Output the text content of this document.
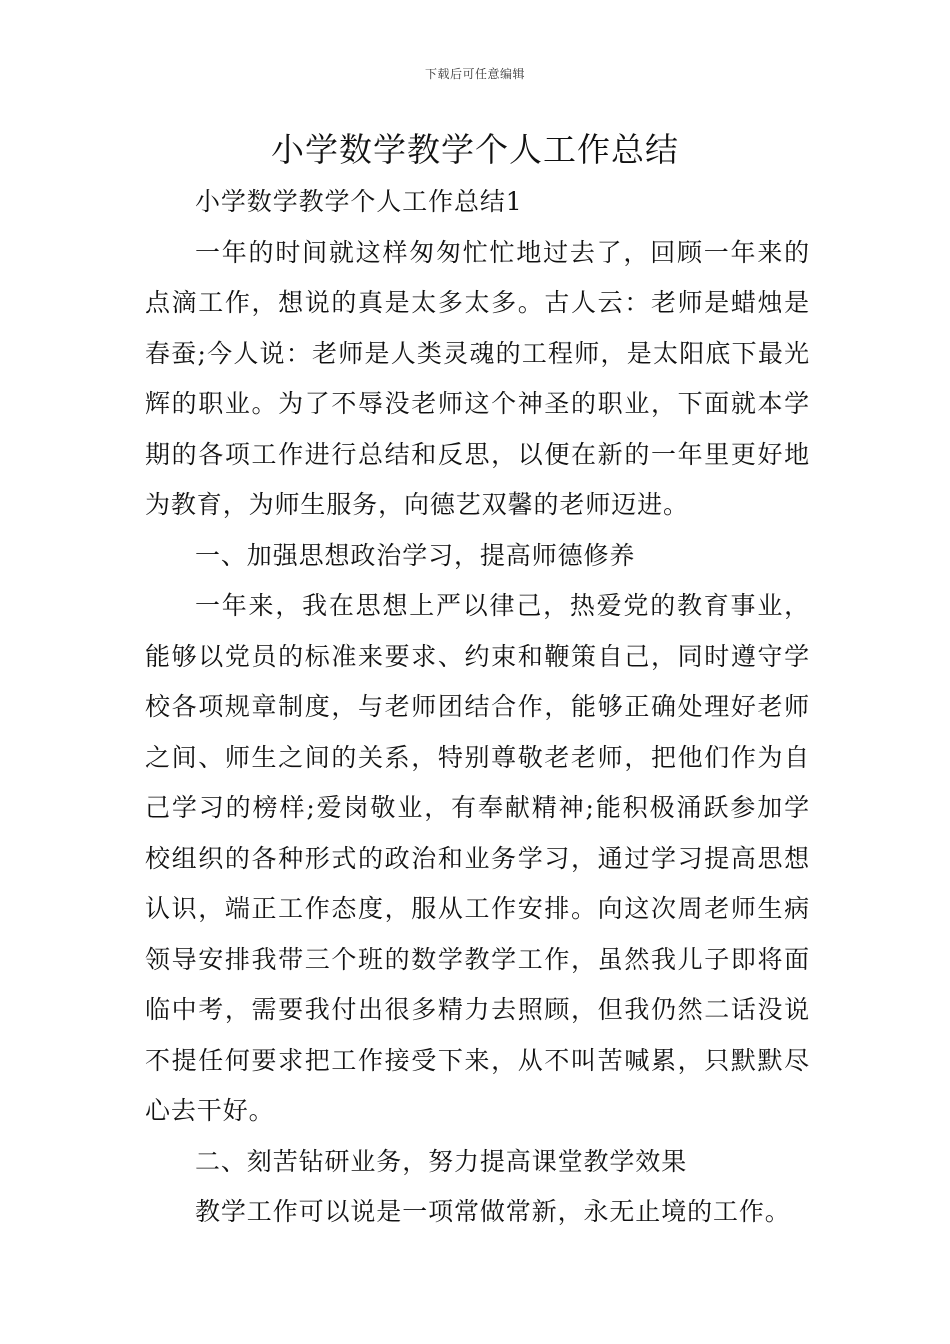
下载后可任意编辑
小学数学教学个人工作总结

小学数学教学个人工作总结1

一年的时间就这样匆匆忙忙地过去了，回顾一年来的点滴工作，想说的真是太多太多。古人云：老师是蜡烛是春蚕;今人说：老师是人类灵魂的工程师，是太阳底下最光辉的职业。为了不辱没老师这个神圣的职业，下面就本学期的各项工作进行总结和反思，以便在新的一年里更好地为教育，为师生服务，向德艺双馨的老师迈进。

一、加强思想政治学习，提高师德修养

一年来，我在思想上严以律己，热爱党的教育事业，能够以党员的标准来要求、约束和鞭策自己，同时遵守学校各项规章制度，与老师团结合作，能够正确处理好老师之间、师生之间的关系，特别尊敬老老师，把他们作为自己学习的榜样;爱岗敬业，有奉献精神;能积极涌跃参加学校组织的各种形式的政治和业务学习，通过学习提高思想认识，端正工作态度，服从工作安排。向这次周老师生病领导安排我带三个班的数学教学工作，虽然我儿子即将面临中考，需要我付出很多精力去照顾，但我仍然二话没说不提任何要求把工作接受下来，从不叫苦喊累，只默默尽心去干好。

二、刻苦钻研业务，努力提高课堂教学效果

教学工作可以说是一项常做常新，永无止境的工作。
